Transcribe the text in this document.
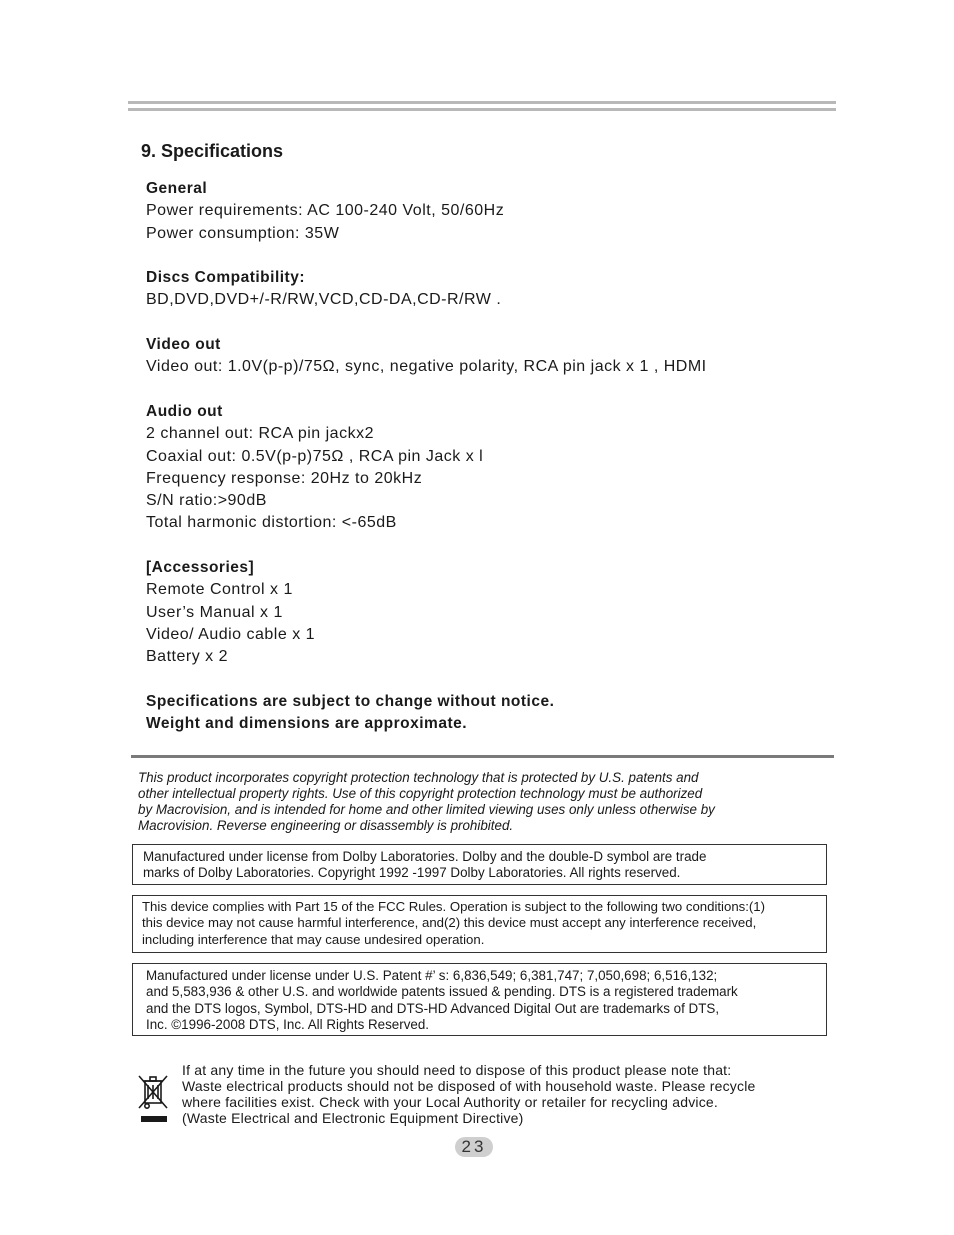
9. Specifications
General
Power requirements: AC 100-240 Volt, 50/60Hz
Power consumption: 35W
Discs Compatibility:
BD,DVD,DVD+/-R/RW,VCD,CD-DA,CD-R/RW .
Video out
Video out: 1.0V(p-p)/75Ω, sync, negative polarity, RCA pin jack x 1 , HDMI
Audio out
2 channel out: RCA pin jackx2
Coaxial out: 0.5V(p-p)75Ω , RCA pin Jack x l
Frequency response: 20Hz to 20kHz
S/N ratio:>90dB
Total harmonic distortion: <-65dB
[Accessories]
Remote Control x 1
User’s Manual x 1
Video/ Audio cable x 1
Battery x 2
Specifications are subject to change without notice.
Weight and dimensions are approximate.
This product incorporates copyright protection technology that is protected by U.S. patents and
other intellectual property rights. Use of this copyright protection technology must be authorized
by Macrovision, and is intended for home and other limited viewing uses only unless otherwise by
Macrovision. Reverse engineering or disassembly is prohibited.
Manufactured under license from Dolby Laboratories. Dolby and the double-D symbol are trade
marks of Dolby Laboratories. Copyright 1992 -1997 Dolby Laboratories. All rights reserved.
This device complies with Part 15 of the FCC Rules. Operation is subject to the following two conditions:(1)
this device may not cause harmful interference, and(2) this device must accept any interference received,
including interference that may cause undesired operation.
Manufactured under license under U.S. Patent #’ s: 6,836,549; 6,381,747; 7,050,698; 6,516,132;
and 5,583,936 & other U.S. and worldwide patents issued & pending. DTS is a registered trademark
and the DTS logos, Symbol, DTS-HD and DTS-HD Advanced Digital Out are trademarks of DTS,
Inc. ©1996-2008 DTS, Inc. All Rights Reserved.
If at any time in the future you should need to dispose of this product please note that:
Waste electrical products should not be disposed of with household waste. Please recycle
where facilities exist. Check with your Local Authority or retailer for recycling advice.
(Waste Electrical and Electronic Equipment Directive)
23
